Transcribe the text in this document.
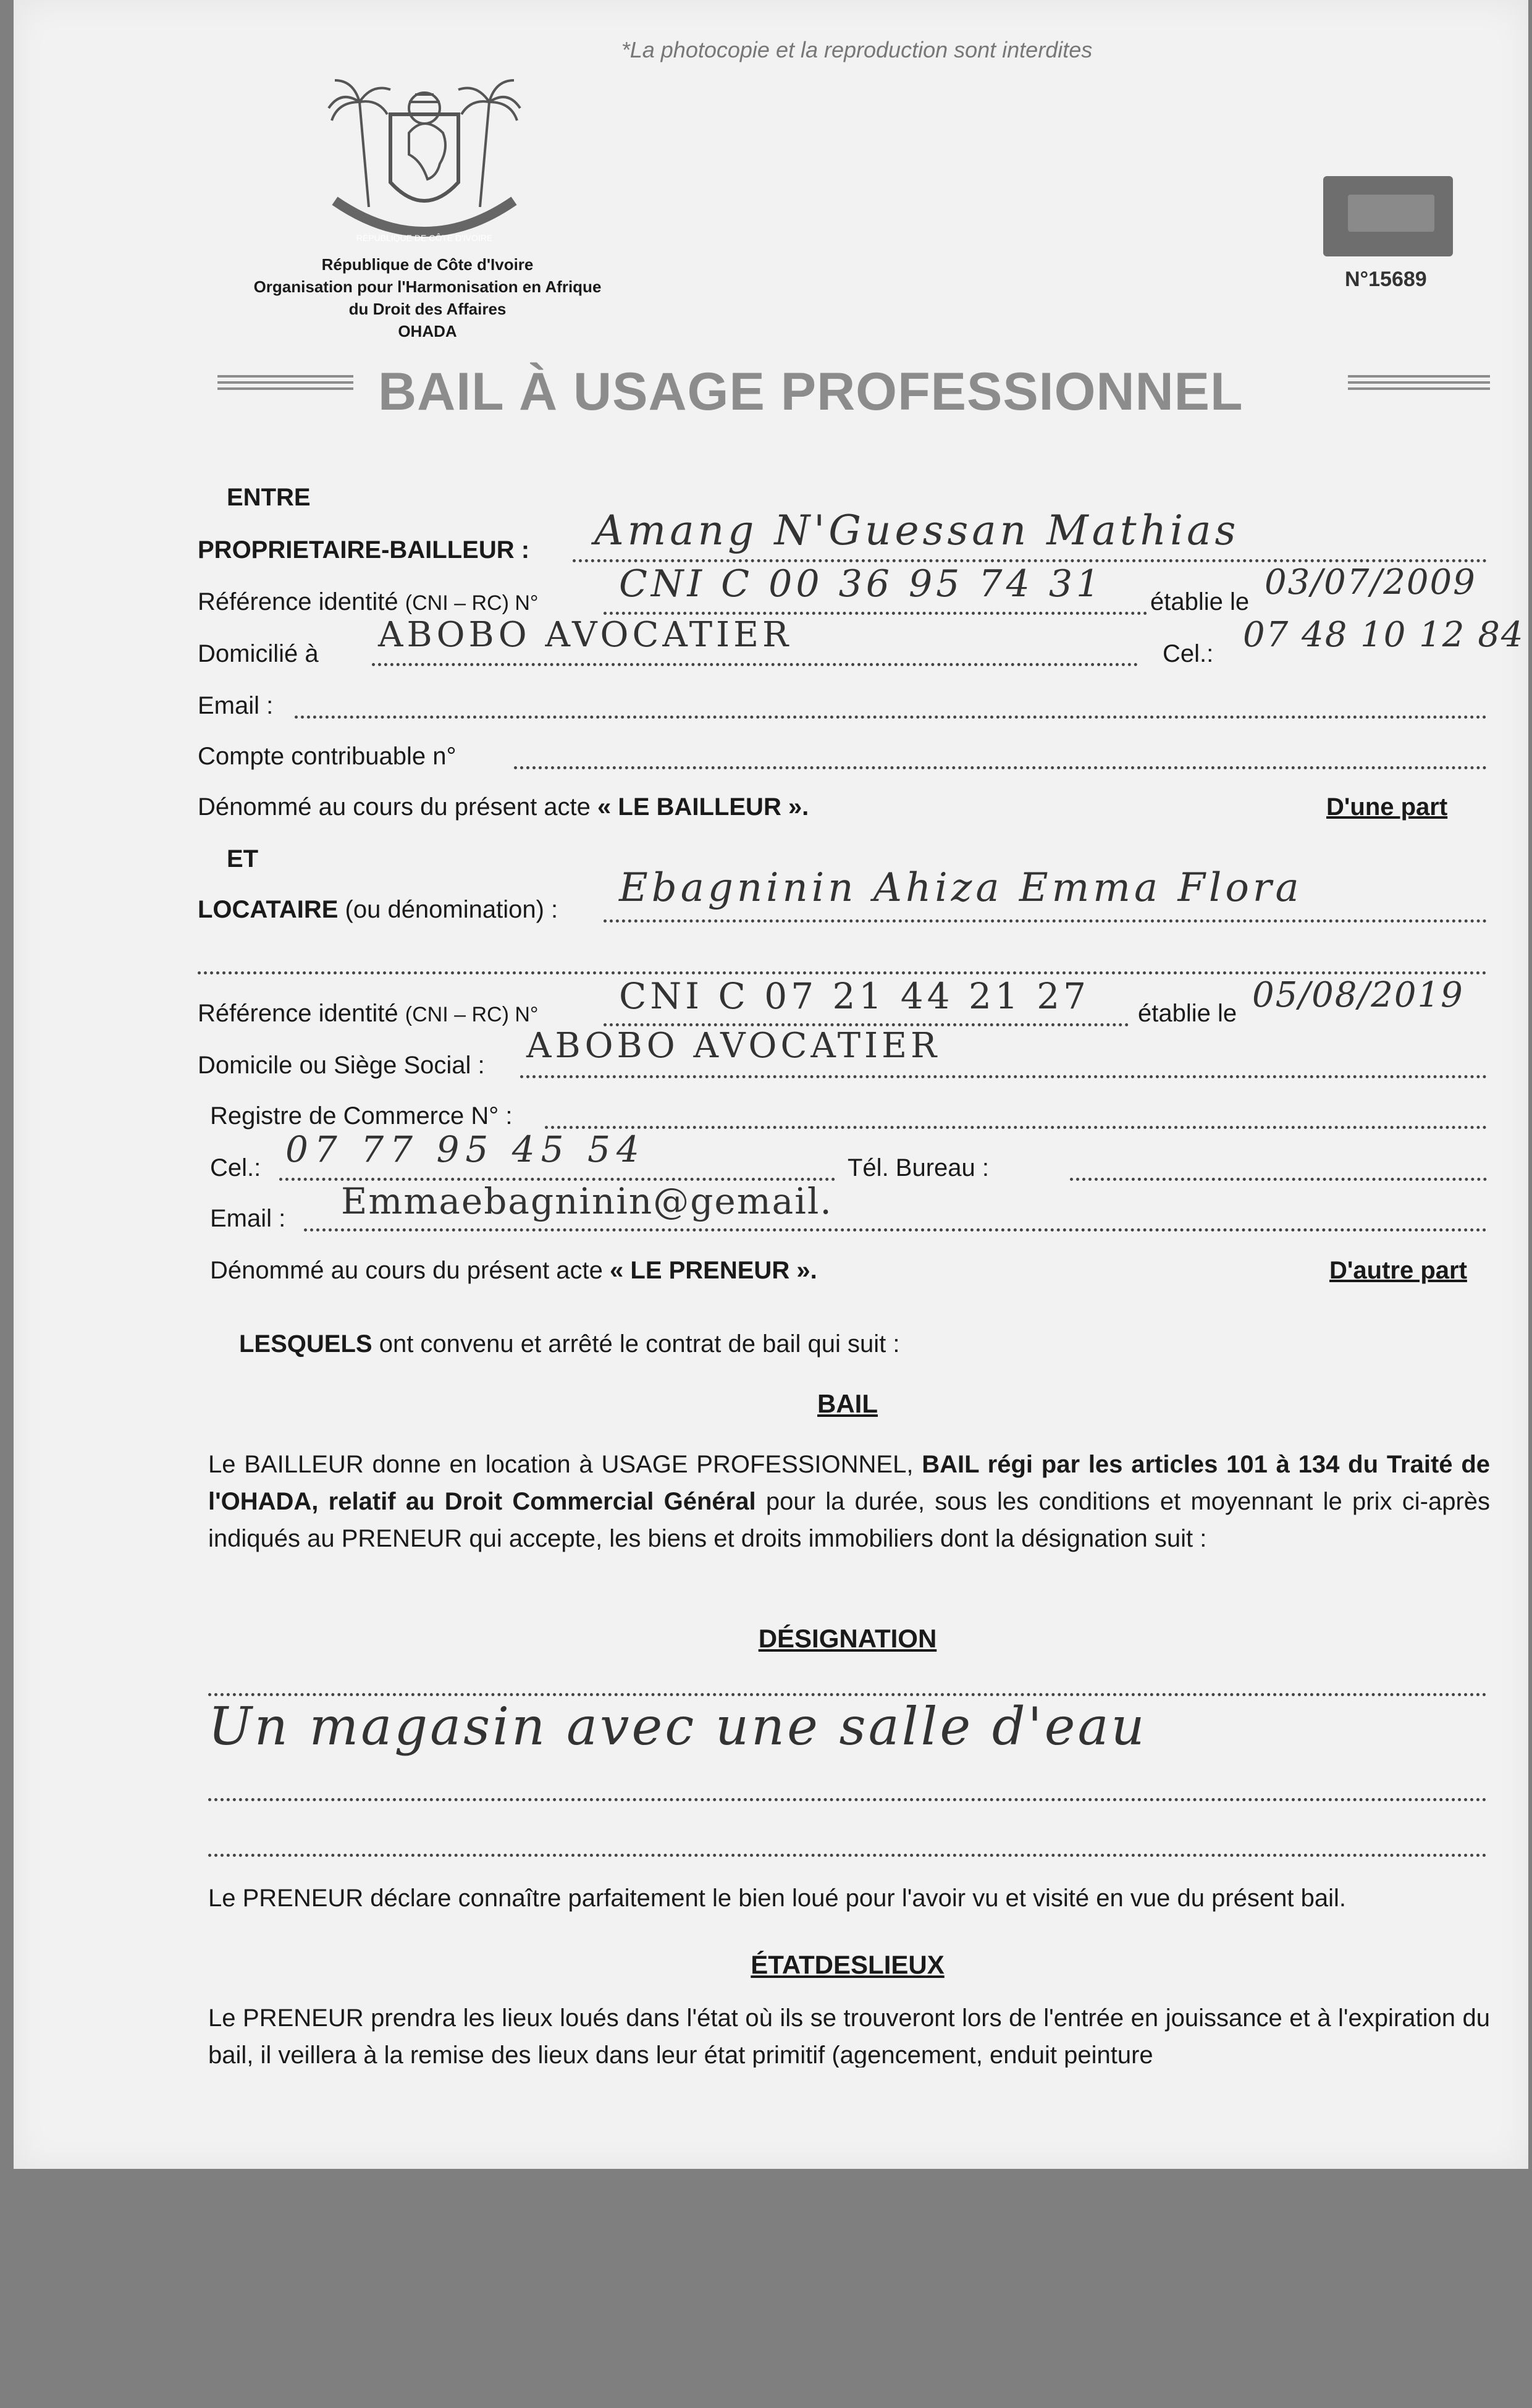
*La photocopie et la reproduction sont interdites
RÉPUBLIQUE DE CÔTE D'IVOIRE
République de Côte d'Ivoire
Organisation pour l'Harmonisation en Afrique
du Droit des Affaires
OHADA
N°15689
BAIL À USAGE PROFESSIONNEL
ENTRE
PROPRIETAIRE-BAILLEUR : Amang N'Guessan Mathias
Référence identité (CNI – RC) N° CNI C 00 36 95 74 31 établie le 03/07/2009
Domicilié à ABOBO AVOCATIER	Cel.: 07 48 10 12 84
Email :
Compte contribuable n°
Dénommé au cours du présent acte « LE BAILLEUR ».	D'une part
ET
LOCATAIRE (ou dénomination) : Ebagninin Ahiza Emma Flora
Référence identité (CNI – RC) N° CNI C 07 21 44 21 27 établie le 05/08/2019
Domicile ou Siège Social : ABOBO AVOCATIER
Registre de Commerce N° :
Cel.: 07 77 95 45 54	Tél. Bureau :
Email : Emmaebagninin@gemail.
Dénommé au cours du présent acte « LE PRENEUR ».	D'autre part
LESQUELS ont convenu et arrêté le contrat de bail qui suit :
BAIL
Le BAILLEUR donne en location à USAGE PROFESSIONNEL, BAIL régi par les articles 101 à 134 du Traité de l'OHADA, relatif au Droit Commercial Général pour la durée, sous les conditions et moyennant le prix ci-après indiqués au PRENEUR qui accepte, les biens et droits immobiliers dont la désignation suit :
DÉSIGNATION
Un magasin avec une salle d'eau
Le PRENEUR déclare connaître parfaitement le bien loué pour l'avoir vu et visité en vue du présent bail.
ÉTATDESLIEUX
Le PRENEUR prendra les lieux loués dans l'état où ils se trouveront lors de l'entrée en jouissance et à l'expiration du bail, il veillera à la remise des lieux dans leur état primitif (agencement, enduit peinture
